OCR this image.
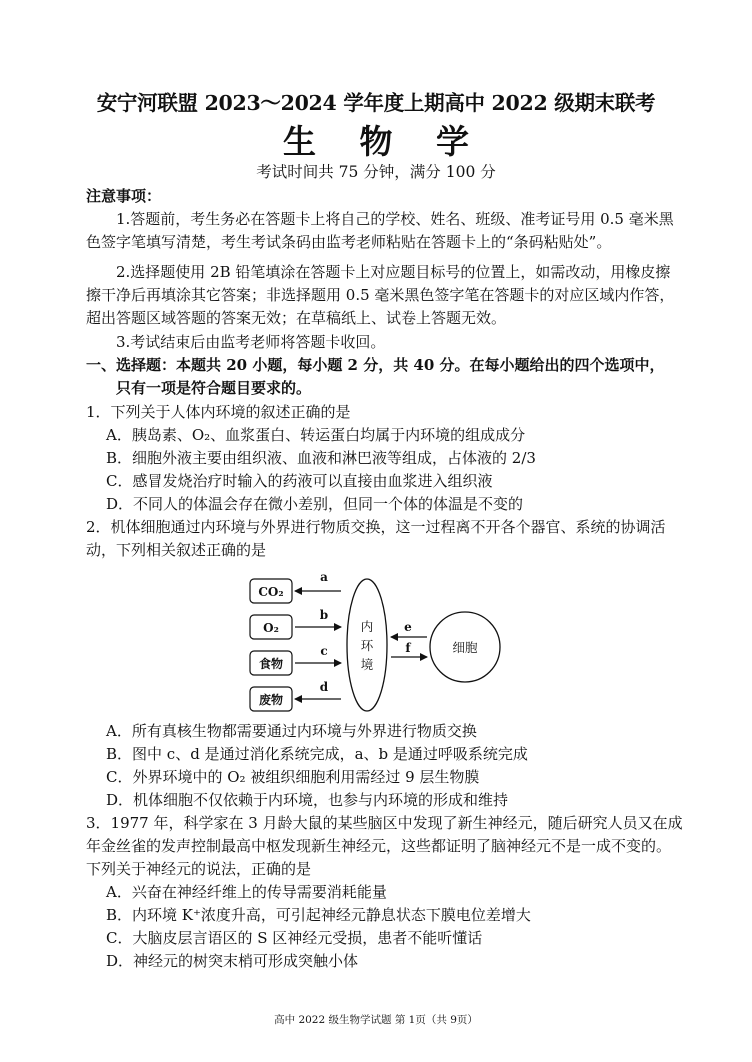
安宁河联盟 2023～2024 学年度上期高中 2022 级期末联考
生 物 学
考试时间共 75 分钟，满分 100 分
注意事项：
1.答题前，考生务必在答题卡上将自己的学校、姓名、班级、准考证号用 0.5 毫米黑
色签字笔填写清楚，考生考试条码由监考老师粘贴在答题卡上的“条码粘贴处”。
2.选择题使用 2B 铅笔填涂在答题卡上对应题目标号的位置上，如需改动，用橡皮擦
擦干净后再填涂其它答案；非选择题用 0.5 毫米黑色签字笔在答题卡的对应区域内作答，
超出答题区域答题的答案无效；在草稿纸上、试卷上答题无效。
3.考试结束后由监考老师将答题卡收回。
一、选择题：本题共 20 小题，每小题 2 分，共 40 分。在每小题给出的四个选项中，
只有一项是符合题目要求的。
1．下列关于人体内环境的叙述正确的是
A．胰岛素、O₂、血浆蛋白、转运蛋白均属于内环境的组成成分
B．细胞外液主要由组织液、血液和淋巴液等组成，占体液的 2/3
C．感冒发烧治疗时输入的药液可以直接由血浆进入组织液
D．不同人的体温会存在微小差别，但同一个体的体温是不变的
2．机体细胞通过内环境与外界进行物质交换，这一过程离不开各个器官、系统的协调活
动，下列相关叙述正确的是
CO₂
O₂
食物
废物
a
b
c
d
内
环
境
e
f	细胞
A．所有真核生物都需要通过内环境与外界进行物质交换
B．图中 c、d 是通过消化系统完成，a、b 是通过呼吸系统完成
C．外界环境中的 O₂ 被组织细胞利用需经过 9 层生物膜
D．机体细胞不仅依赖于内环境，也参与内环境的形成和维持
3．1977 年，科学家在 3 月龄大鼠的某些脑区中发现了新生神经元，随后研究人员又在成
年金丝雀的发声控制最高中枢发现新生神经元，这些都证明了脑神经元不是一成不变的。
下列关于神经元的说法，正确的是
A．兴奋在神经纤维上的传导需要消耗能量
B．内环境 K⁺浓度升高，可引起神经元静息状态下膜电位差增大
C．大脑皮层言语区的 S 区神经元受损，患者不能听懂话
D．神经元的树突末梢可形成突触小体
高中 2022 级生物学试题 第 1页（共 9页）
